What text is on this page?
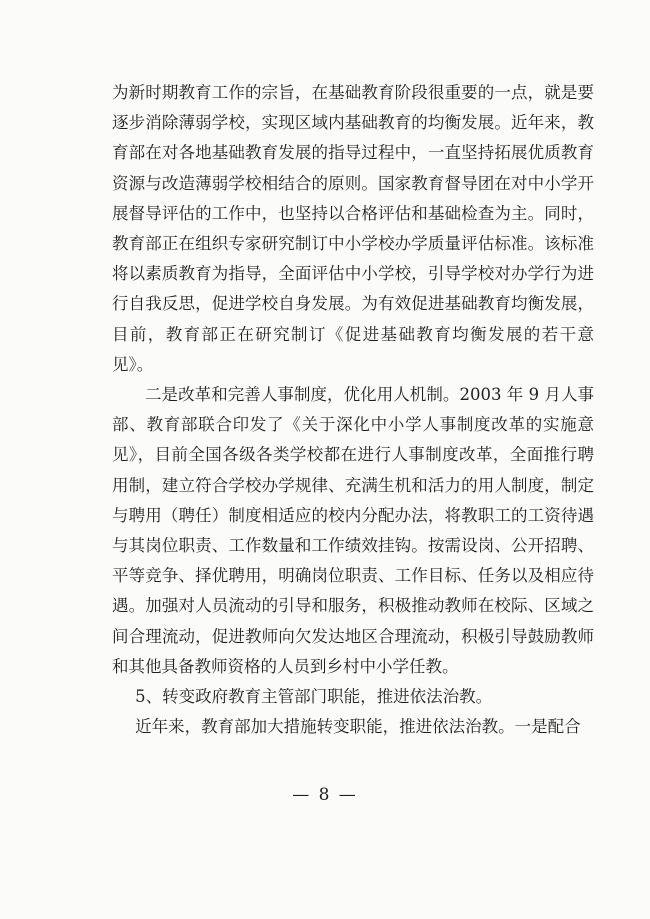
为新时期教育工作的宗旨，在基础教育阶段很重要的一点，就是要逐步消除薄弱学校，实现区域内基础教育的均衡发展。近年来，教育部在对各地基础教育发展的指导过程中，一直坚持拓展优质教育资源与改造薄弱学校相结合的原则。国家教育督导团在对中小学开展督导评估的工作中，也坚持以合格评估和基础检查为主。同时，教育部正在组织专家研究制订中小学校办学质量评估标准。该标准将以素质教育为指导，全面评估中小学校，引导学校对办学行为进行自我反思，促进学校自身发展。为有效促进基础教育均衡发展，目前，教育部正在研究制订《促进基础教育均衡发展的若干意见》。

二是改革和完善人事制度，优化用人机制。2003 年 9 月人事部、教育部联合印发了《关于深化中小学人事制度改革的实施意见》，目前全国各级各类学校都在进行人事制度改革，全面推行聘用制，建立符合学校办学规律、充满生机和活力的用人制度，制定与聘用（聘任）制度相适应的校内分配办法，将教职工的工资待遇与其岗位职责、工作数量和工作绩效挂钩。按需设岗、公开招聘、平等竞争、择优聘用，明确岗位职责、工作目标、任务以及相应待遇。加强对人员流动的引导和服务，积极推动教师在校际、区域之间合理流动，促进教师向欠发达地区合理流动，积极引导鼓励教师和其他具备教师资格的人员到乡村中小学任教。

5、转变政府教育主管部门职能，推进依法治教。

近年来，教育部加大措施转变职能，推进依法治教。一是配合

— 8 —
